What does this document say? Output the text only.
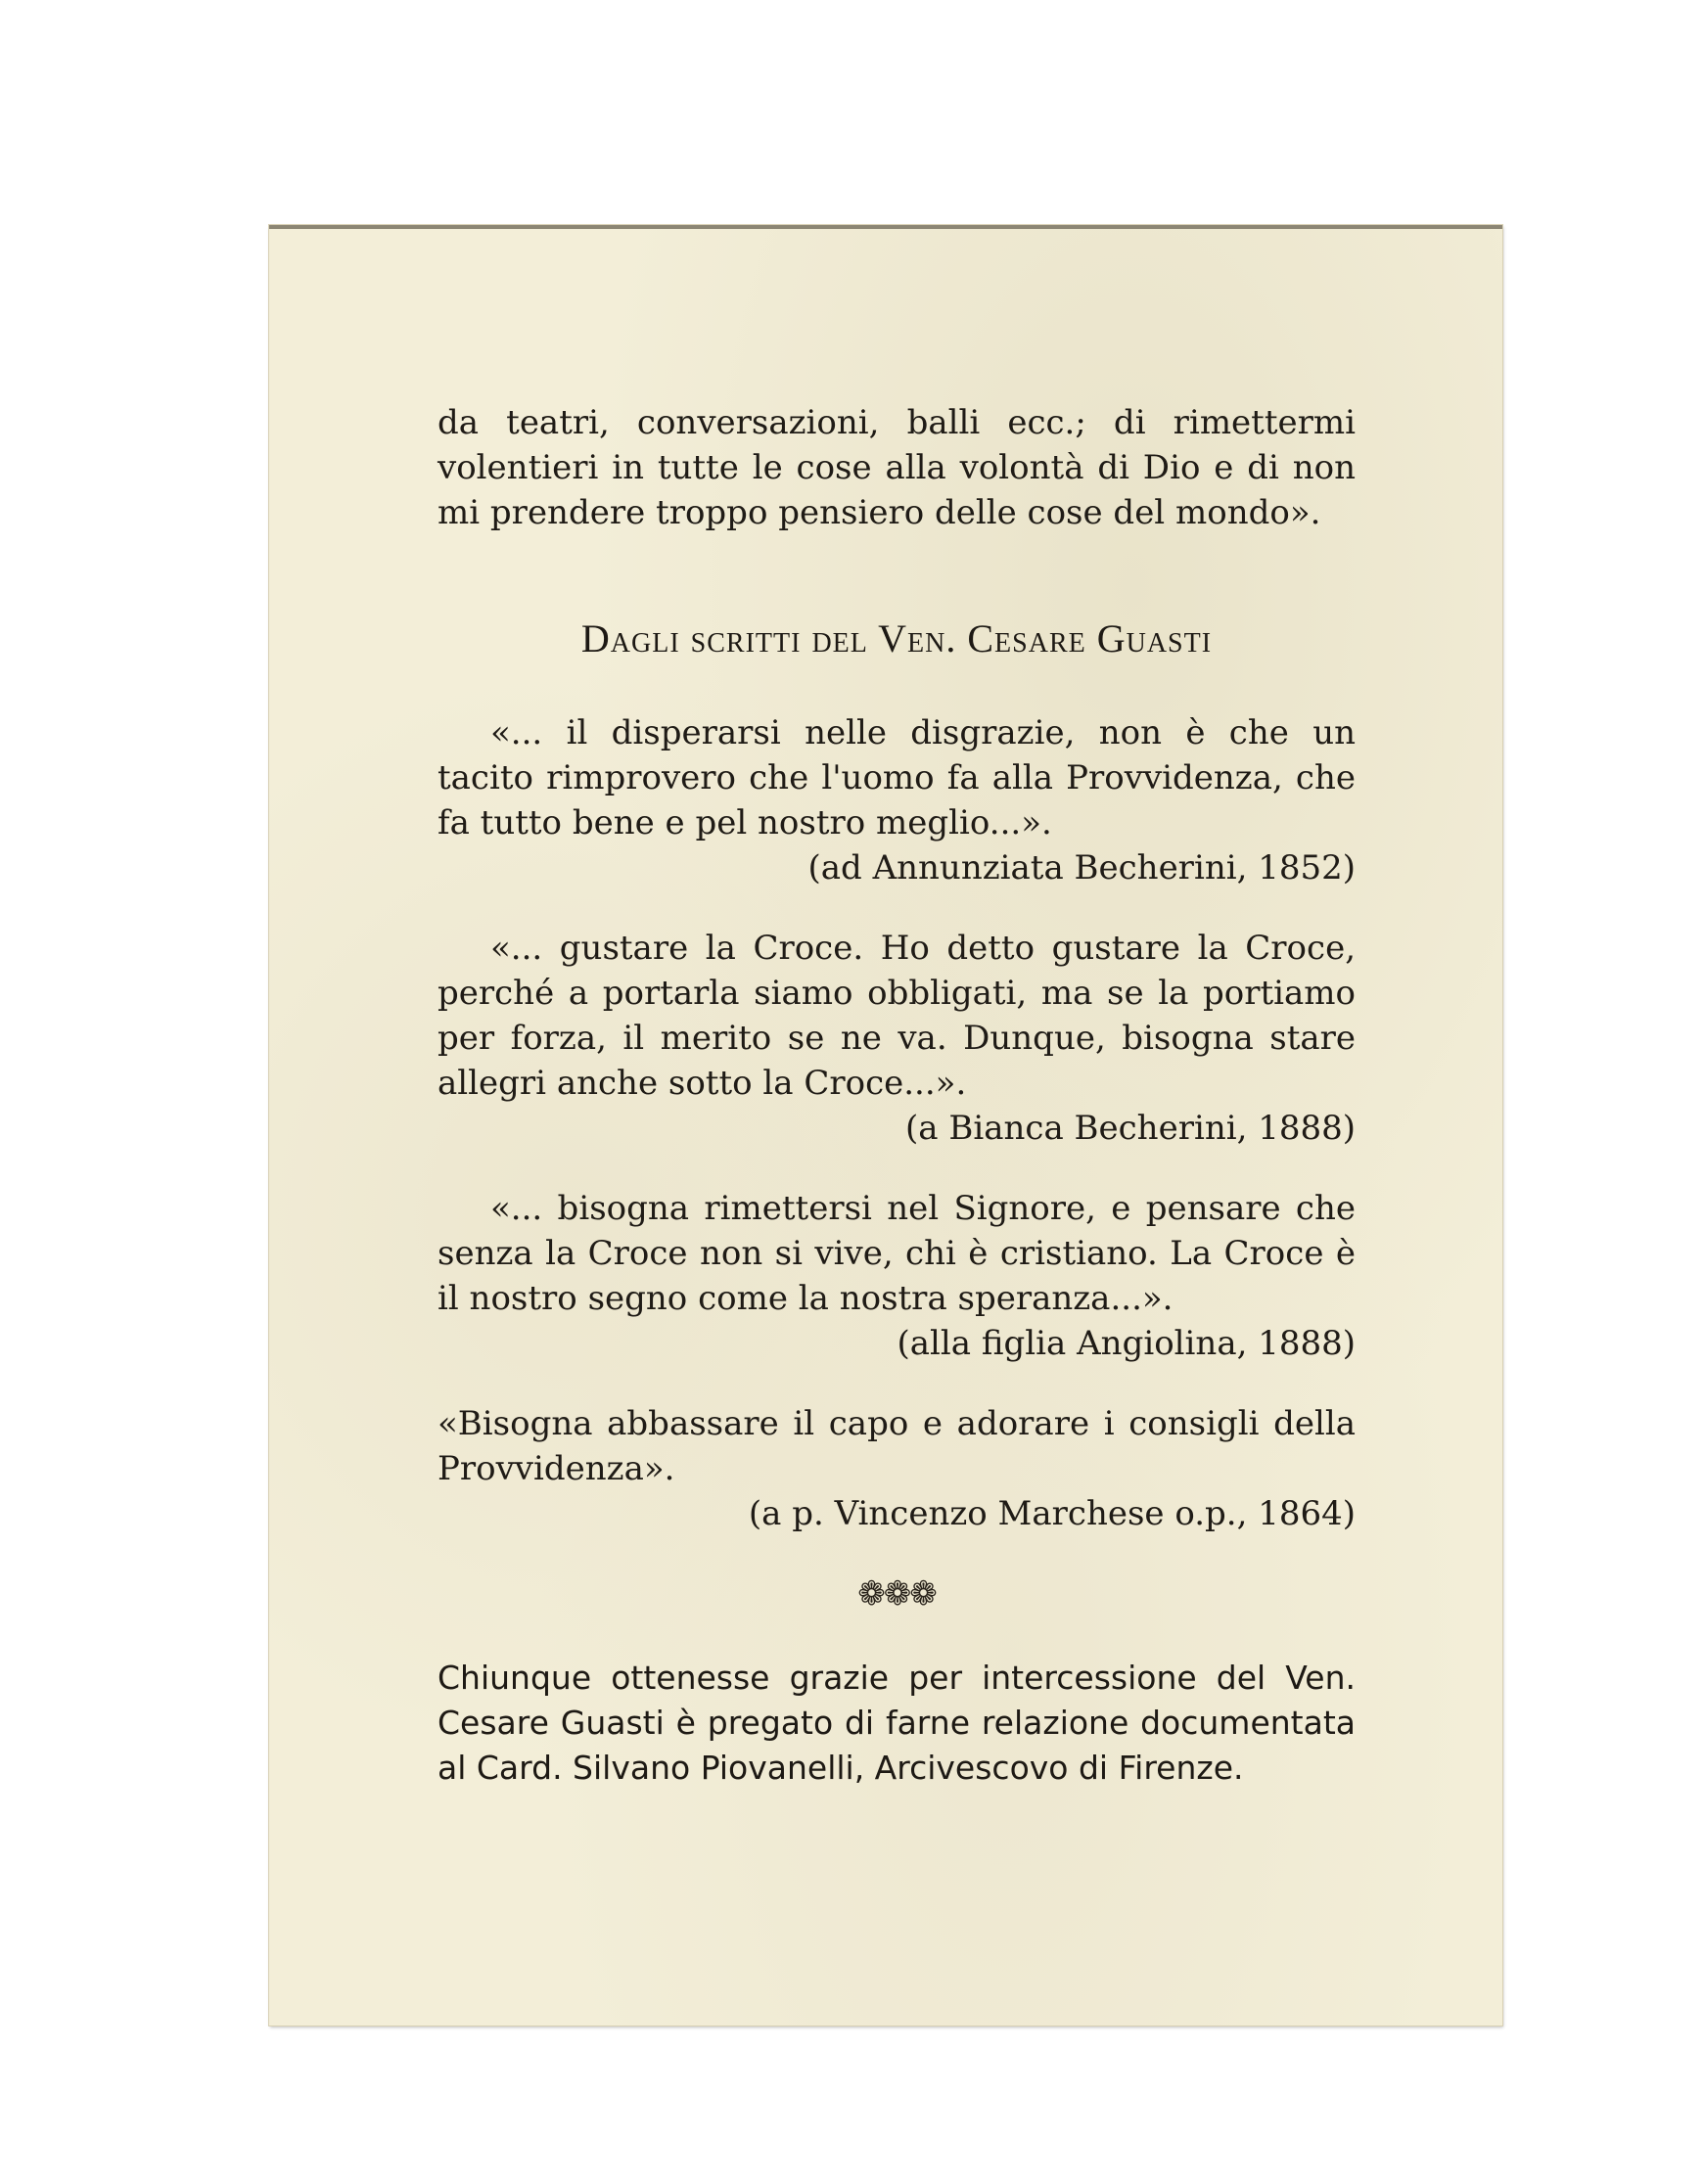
da teatri, conversazioni, balli ecc.; di rimettermi volentieri in tutte le cose alla volontà di Dio e di non mi prendere troppo pensiero delle cose del mondo».

Dagli scritti del Ven. Cesare Guasti

«... il disperarsi nelle disgrazie, non è che un tacito rimprovero che l'uomo fa alla Provvidenza, che fa tutto bene e pel nostro meglio...».

(ad Annunziata Becherini, 1852)

«... gustare la Croce. Ho detto gustare la Croce, perché a portarla siamo obbligati, ma se la portiamo per forza, il merito se ne va. Dunque, bisogna stare allegri anche sotto la Croce...».

(a Bianca Becherini, 1888)

«... bisogna rimettersi nel Signore, e pensare che senza la Croce non si vive, chi è cristiano. La Croce è il nostro segno come la nostra speranza...».

(alla figlia Angiolina, 1888)

«Bisogna abbassare il capo e adorare i consigli della Provvidenza».

(a p. Vincenzo Marchese o.p., 1864)

❁❁❁

Chiunque ottenesse grazie per intercessione del Ven. Cesare Guasti è pregato di farne relazione documentata al Card. Silvano Piovanelli, Arcivescovo di Firenze.
